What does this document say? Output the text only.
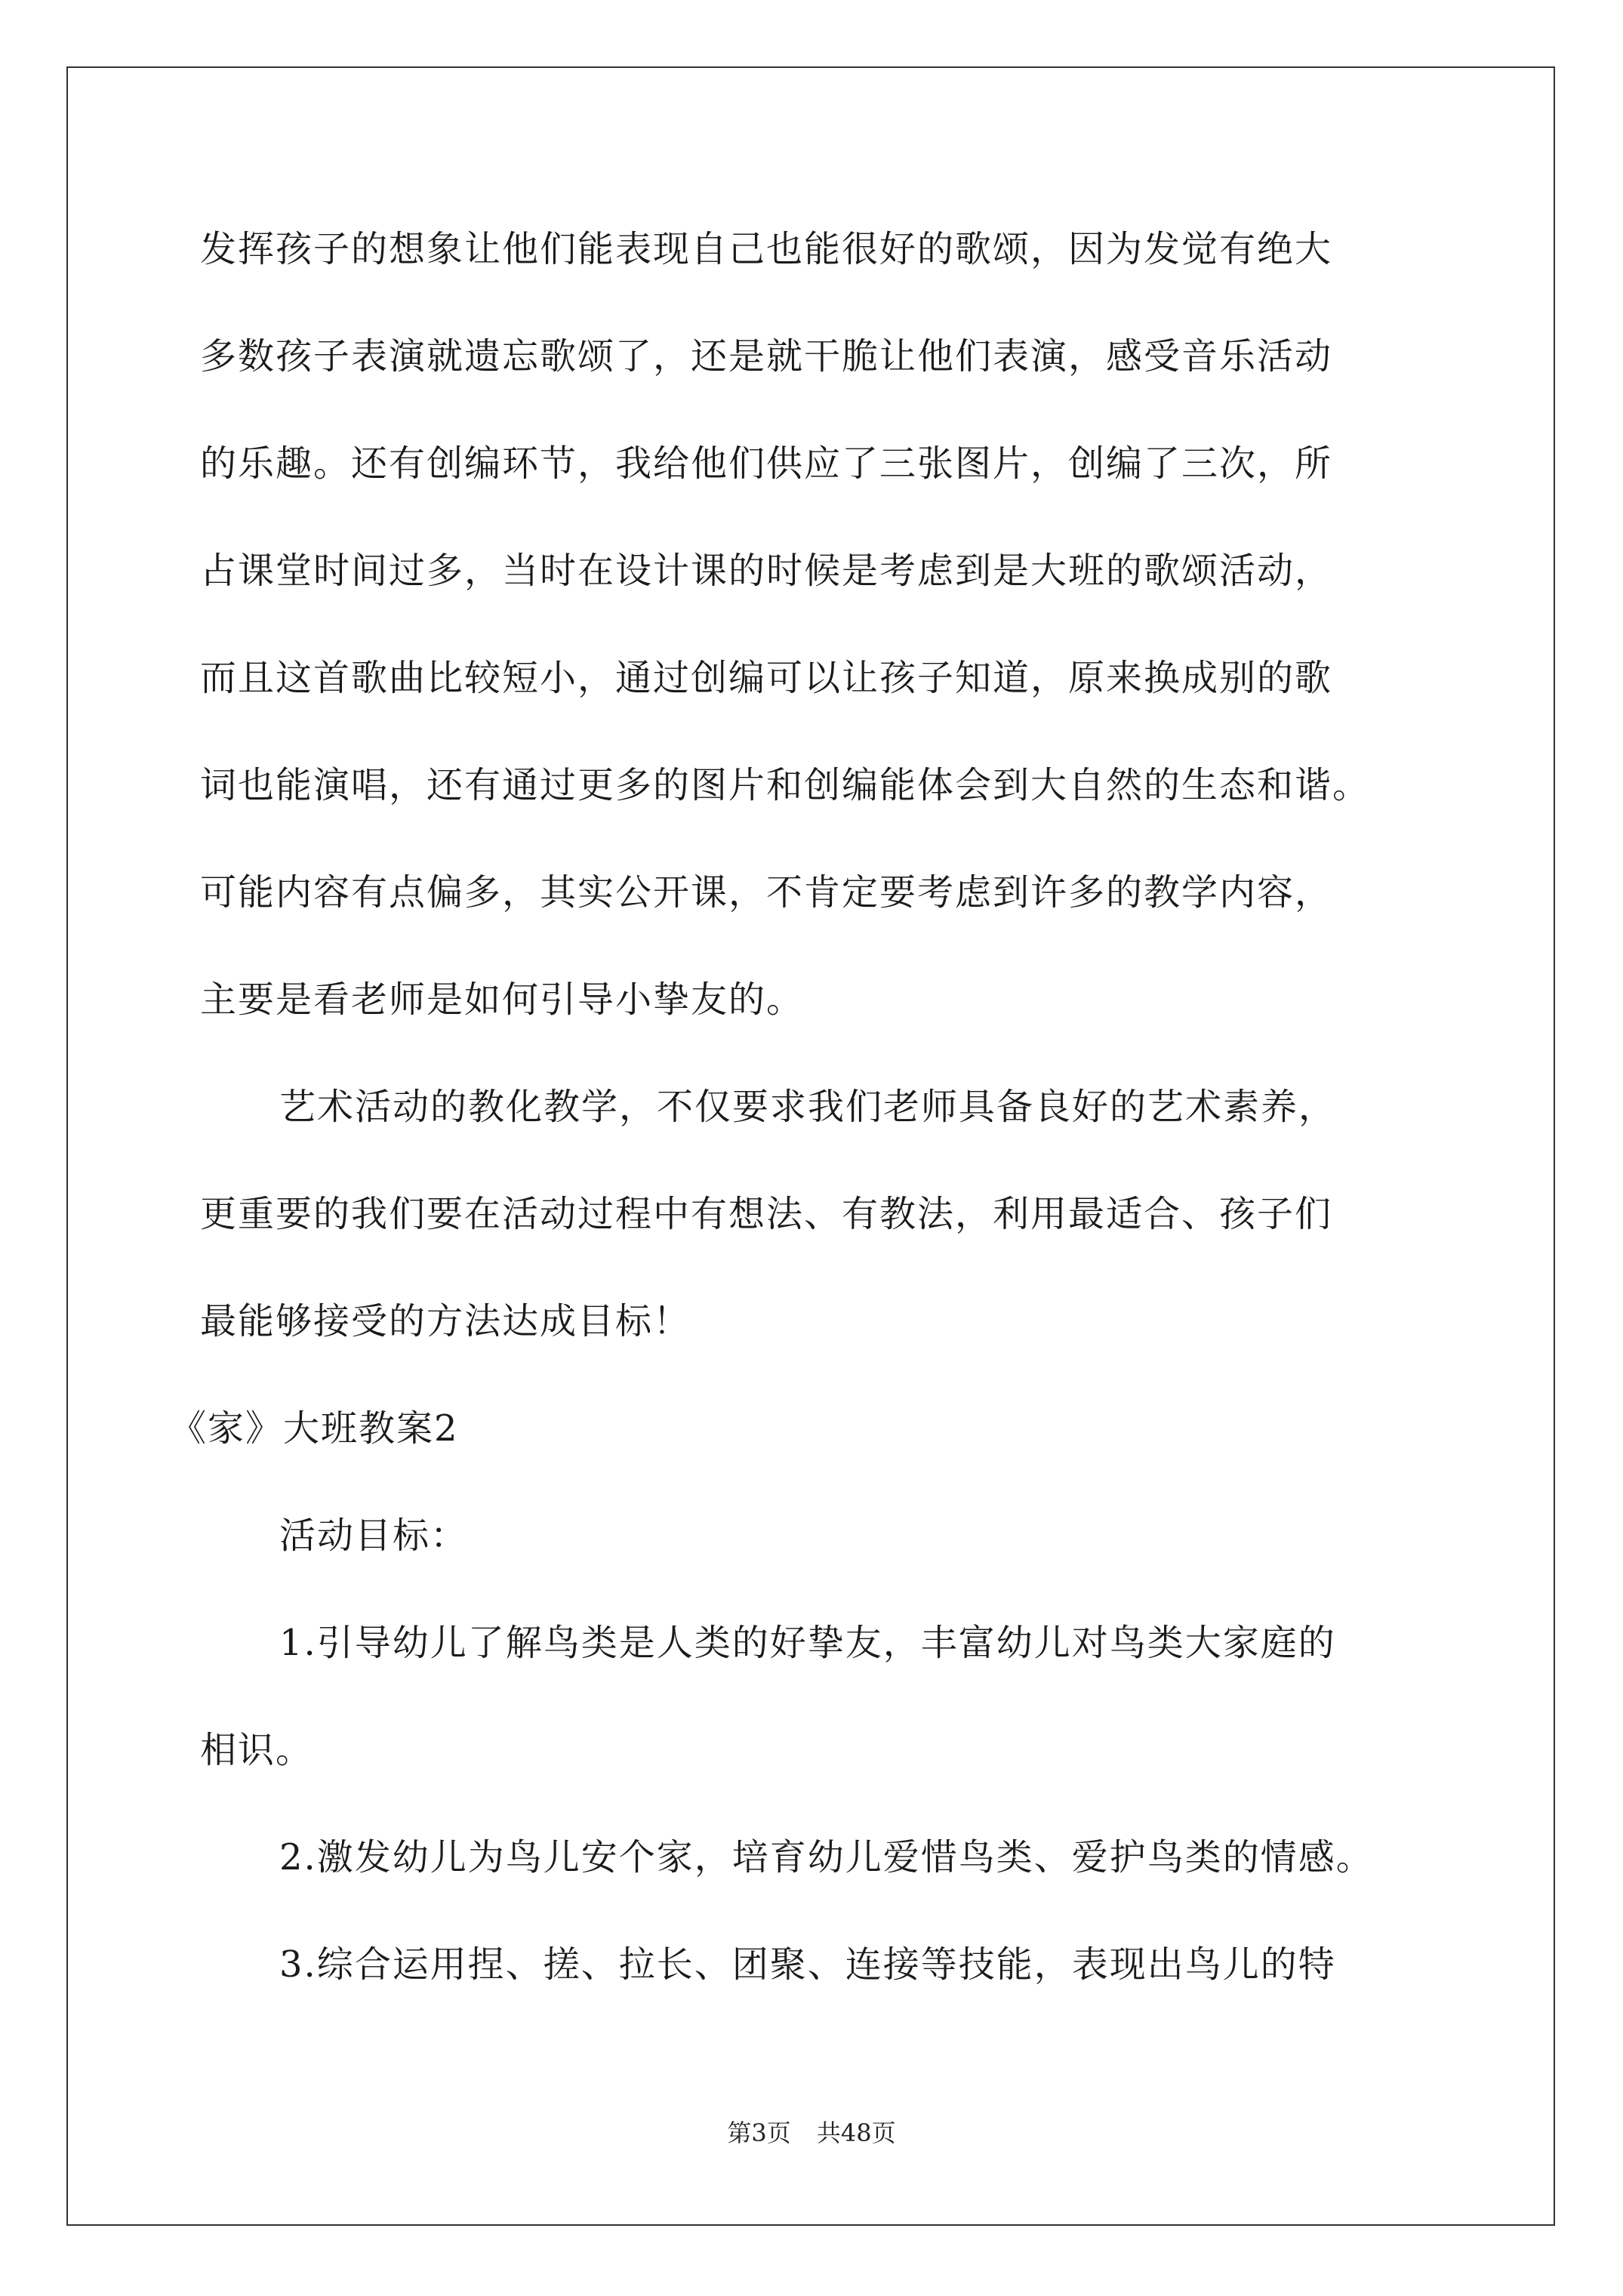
发挥孩子的想象让他们能表现自己也能很好的歌颂，因为发觉有绝大
多数孩子表演就遗忘歌颂了，还是就干脆让他们表演，感受音乐活动
的乐趣。还有创编环节，我给他们供应了三张图片，创编了三次，所
占课堂时间过多，当时在设计课的时候是考虑到是大班的歌颂活动，
而且这首歌曲比较短小，通过创编可以让孩子知道，原来换成别的歌
词也能演唱，还有通过更多的图片和创编能体会到大自然的生态和谐。
可能内容有点偏多，其实公开课，不肯定要考虑到许多的教学内容，
主要是看老师是如何引导小挚友的。
艺术活动的教化教学，不仅要求我们老师具备良好的艺术素养，
更重要的我们要在活动过程中有想法、有教法，利用最适合、孩子们
最能够接受的方法达成目标！
《家》大班教案2
活动目标：
1.引导幼儿了解鸟类是人类的好挚友，丰富幼儿对鸟类大家庭的
相识。
2.激发幼儿为鸟儿安个家，培育幼儿爱惜鸟类、爱护鸟类的情感。
3.综合运用捏、搓、拉长、团聚、连接等技能，表现出鸟儿的特
第3页 共48页
